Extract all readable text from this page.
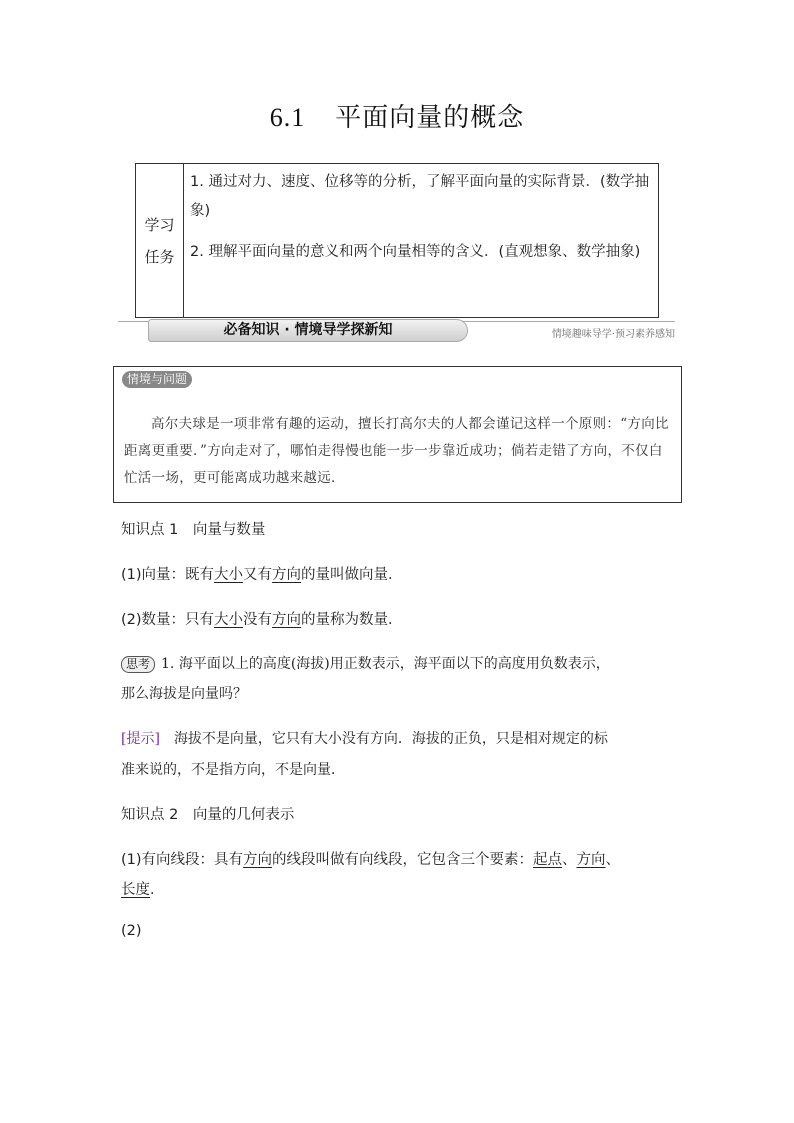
6.1 平面向量的概念
学习任务

1. 通过对力、速度、位移等的分析，了解平面向量的实际背景．(数学抽象)

2. 理解平面向量的意义和两个向量相等的含义．(直观想象、数学抽象)

必备知识 · 情境导学探新知	情境趣味导学·预习素养感知
情境与问题
高尔夫球是一项非常有趣的运动，擅长打高尔夫的人都会谨记这样一个原则：“方向比距离更重要．”方向走对了，哪怕走得慢也能一步一步靠近成功；倘若走错了方向，不仅白忙活一场，更可能离成功越来越远．
知识点 1　向量与数量
(1)向量：既有大小又有方向的量叫做向量．
(2)数量：只有大小没有方向的量称为数量．
思考 1. 海平面以上的高度(海拔)用正数表示，海平面以下的高度用负数表示，
那么海拔是向量吗？
[提示]  海拔不是向量，它只有大小没有方向．海拔的正负，只是相对规定的标
准来说的，不是指方向，不是向量．
知识点 2　向量的几何表示
(1)有向线段：具有方向的线段叫做有向线段，它包含三个要素：起点、方向、
长度．
(2)
